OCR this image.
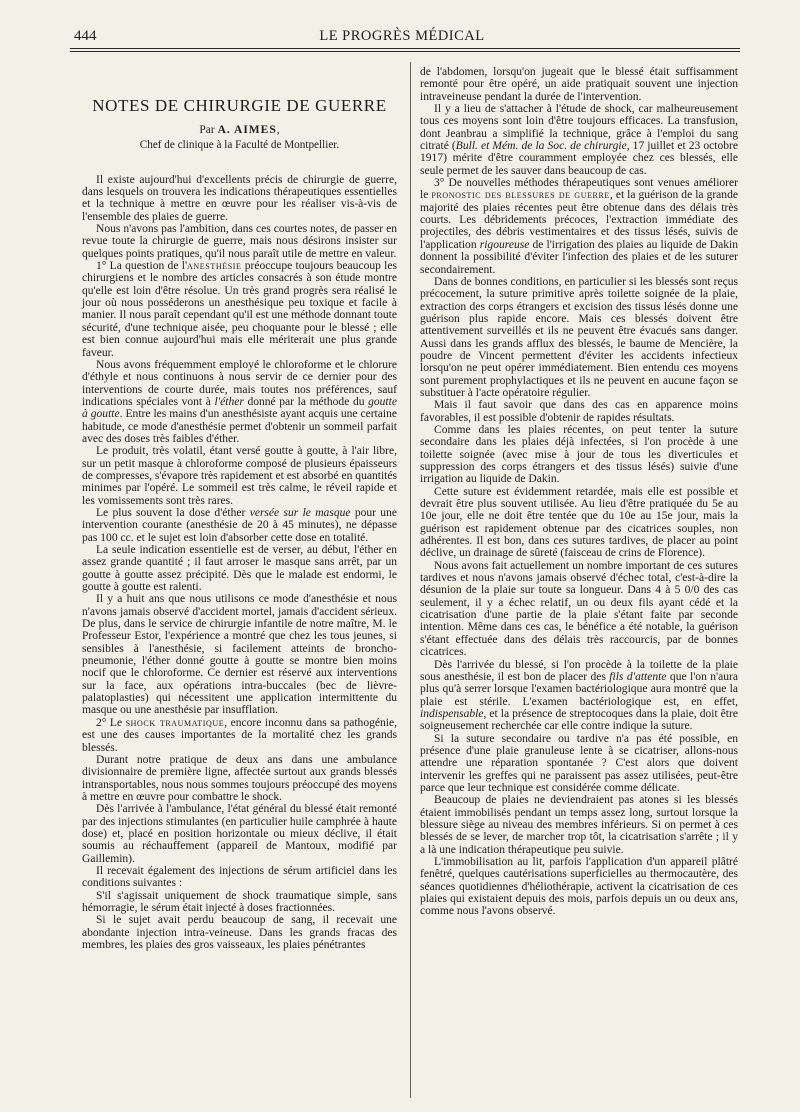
444	LE PROGRÈS MÉDICAL
NOTES DE CHIRURGIE DE GUERRE
Par A. AIMES,
Chef de clinique à la Faculté de Montpellier.

Il existe aujourd'hui d'excellents précis de chirurgie de guerre, dans lesquels on trouvera les indications thérapeutiques essentielles et la technique à mettre en œuvre pour les réaliser vis-à-vis de l'ensemble des plaies de guerre.

Nous n'avons pas l'ambition, dans ces courtes notes, de passer en revue toute la chirurgie de guerre, mais nous désirons insister sur quelques points pratiques, qu'il nous paraît utile de mettre en valeur.

1° La question de l'anesthésie préoccupe toujours beaucoup les chirurgiens et le nombre des articles consacrés à son étude montre qu'elle est loin d'être résolue. Un très grand progrès sera réalisé le jour où nous posséderons un anesthésique peu toxique et facile à manier. Il nous paraît cependant qu'il est une méthode donnant toute sécurité, d'une technique aisée, peu choquante pour le blessé ; elle est bien connue aujourd'hui mais elle mériterait une plus grande faveur.

Nous avons fréquemment employé le chloroforme et le chlorure d'éthyle et nous continuons à nous servir de ce dernier pour des interventions de courte durée, mais toutes nos préférences, sauf indications spéciales vont à l'éther donné par la méthode du goutte à goutte. Entre les mains d'un anesthésiste ayant acquis une certaine habitude, ce mode d'anesthésie permet d'obtenir un sommeil parfait avec des doses très faibles d'éther.

Le produit, très volatil, étant versé goutte à goutte, à l'air libre, sur un petit masque à chloroforme composé de plusieurs épaisseurs de compresses, s'évapore très rapidement et est absorbé en quantités minimes par l'opéré. Le sommeil est très calme, le réveil rapide et les vomissements sont très rares.

Le plus souvent la dose d'éther versée sur le masque pour une intervention courante (anesthésie de 20 à 45 minutes), ne dépasse pas 100 cc. et le sujet est loin d'absorber cette dose en totalité.

La seule indication essentielle est de verser, au début, l'éther en assez grande quantité ; il faut arroser le masque sans arrêt, par un goutte à goutte assez précipité. Dès que le malade est endormi, le goutte à goutte est ralenti.

Il y a huit ans que nous utilisons ce mode d'anesthésie et nous n'avons jamais observé d'accident mortel, jamais d'accident sérieux. De plus, dans le service de chirurgie infantile de notre maître, M. le Professeur Estor, l'expérience a montré que chez les tous jeunes, si sensibles à l'anesthésie, si facilement atteints de broncho-pneumonie, l'éther donné goutte à goutte se montre bien moins nocif que le chloroforme. Ce dernier est réservé aux interventions sur la face, aux opérations intra-buccales (bec de lièvre-palatoplasties) qui nécessitent une application intermittente du masque ou une anesthésie par insufflation.

2° Le shock traumatique, encore inconnu dans sa pathogénie, est une des causes importantes de la mortalité chez les grands blessés.

Durant notre pratique de deux ans dans une ambulance divisionnaire de première ligne, affectée surtout aux grands blessés intransportables, nous nous sommes toujours préoccupé des moyens à mettre en œuvre pour combattre le shock.

Dès l'arrivée à l'ambulance, l'état général du blessé était remonté par des injections stimulantes (en particulier huile camphrée à haute dose) et, placé en position horizontale ou mieux déclive, il était soumis au réchauffement (appareil de Mantoux, modifié par Gaillemin).

Il recevait également des injections de sérum artificiel dans les conditions suivantes :

S'il s'agissait uniquement de shock traumatique simple, sans hémorragie, le sérum était injecté à doses fractionnées.

Si le sujet avait perdu beaucoup de sang, il recevait une abondante injection intra-veineuse. Dans les grands fracas des membres, les plaies des gros vaisseaux, les plaies pénétrantes

de l'abdomen, lorsqu'on jugeait que le blessé était suffisamment remonté pour être opéré, un aide pratiquait souvent une injection intraveineuse pendant la durée de l'intervention.

Il y a lieu de s'attacher à l'étude de shock, car malheureusement tous ces moyens sont loin d'être toujours efficaces. La transfusion, dont Jeanbrau a simplifié la technique, grâce à l'emploi du sang citraté (Bull. et Mém. de la Soc. de chirurgie, 17 juillet et 23 octobre 1917) mérite d'être couramment employée chez ces blessés, elle seule permet de les sauver dans beaucoup de cas.

3° De nouvelles méthodes thérapeutiques sont venues améliorer le pronostic des blessures de guerre, et la guérison de la grande majorité des plaies récentes peut être obtenue dans des délais très courts. Les débridements précoces, l'extraction immédiate des projectiles, des débris vestimentaires et des tissus lésés, suivis de l'application rigoureuse de l'irrigation des plaies au liquide de Dakin donnent la possibilité d'éviter l'infection des plaies et de les suturer secondairement.

Dans de bonnes conditions, en particulier si les blessés sont reçus précocement, la suture primitive après toilette soignée de la plaie, extraction des corps étrangers et excision des tissus lésés donne une guérison plus rapide encore. Mais ces blessés doivent être attentivement surveillés et ils ne peuvent être évacués sans danger. Aussi dans les grands afflux des blessés, le baume de Mencière, la poudre de Vincent permettent d'éviter les accidents infectieux lorsqu'on ne peut opérer immédiatement. Bien entendu ces moyens sont purement prophylactiques et ils ne peuvent en aucune façon se substituer à l'acte opératoire régulier.

Mais il faut savoir que dans des cas en apparence moins favorables, il est possible d'obtenir de rapides résultats.

Comme dans les plaies récentes, on peut tenter la suture secondaire dans les plaies déjà infectées, si l'on procède à une toilette soignée (avec mise à jour de tous les diverticules et suppression des corps étrangers et des tissus lésés) suivie d'une irrigation au liquide de Dakin.

Cette suture est évidemment retardée, mais elle est possible et devrait être plus souvent utilisée. Au lieu d'être pratiquée du 5e au 10e jour, elle ne doit être tentée que du 10e au 15e jour, mais la guérison est rapidement obtenue par des cicatrices souples, non adhérentes. Il est bon, dans ces sutures tardives, de placer au point déclive, un drainage de sûreté (faisceau de crins de Florence).

Nous avons fait actuellement un nombre important de ces sutures tardives et nous n'avons jamais observé d'échec total, c'est-à-dire la désunion de la plaie sur toute sa longueur. Dans 4 à 5 0/0 des cas seulement, il y a échec relatif, un ou deux fils ayant cédé et la cicatrisation d'une partie de la plaie s'étant faite par seconde intention. Même dans ces cas, le bénéfice a été notable, la guérison s'étant effectuée dans des délais très raccourcis, par de bonnes cicatrices.

Dès l'arrivée du blessé, si l'on procède à la toilette de la plaie sous anesthésie, il est bon de placer des fils d'attente que l'on n'aura plus qu'à serrer lorsque l'examen bactériologique aura montré que la plaie est stérile. L'examen bactériologique est, en effet, indispensable, et la présence de streptocoques dans la plaie, doit être soigneusement recherchée car elle contre indique la suture.

Si la suture secondaire ou tardive n'a pas été possible, en présence d'une plaie granuleuse lente à se cicatriser, allons-nous attendre une réparation spontanée ? C'est alors que doivent intervenir les greffes qui ne paraissent pas assez utilisées, peut-être parce que leur technique est considérée comme délicate.

Beaucoup de plaies ne deviendraient pas atones si les blessés étaient immobilisés pendant un temps assez long, surtout lorsque la blessure siège au niveau des membres inférieurs. Si on permet à ces blessés de se lever, de marcher trop tôt, la cicatrisation s'arrête ; il y a là une indication thérapeutique peu suivie.

L'immobilisation au lit, parfois l'application d'un appareil plâtré fenêtré, quelques cautérisations superficielles au thermocautère, des séances quotidiennes d'héliothérapie, activent la cicatrisation de ces plaies qui existaient depuis des mois, parfois depuis un ou deux ans, comme nous l'avons observé.
